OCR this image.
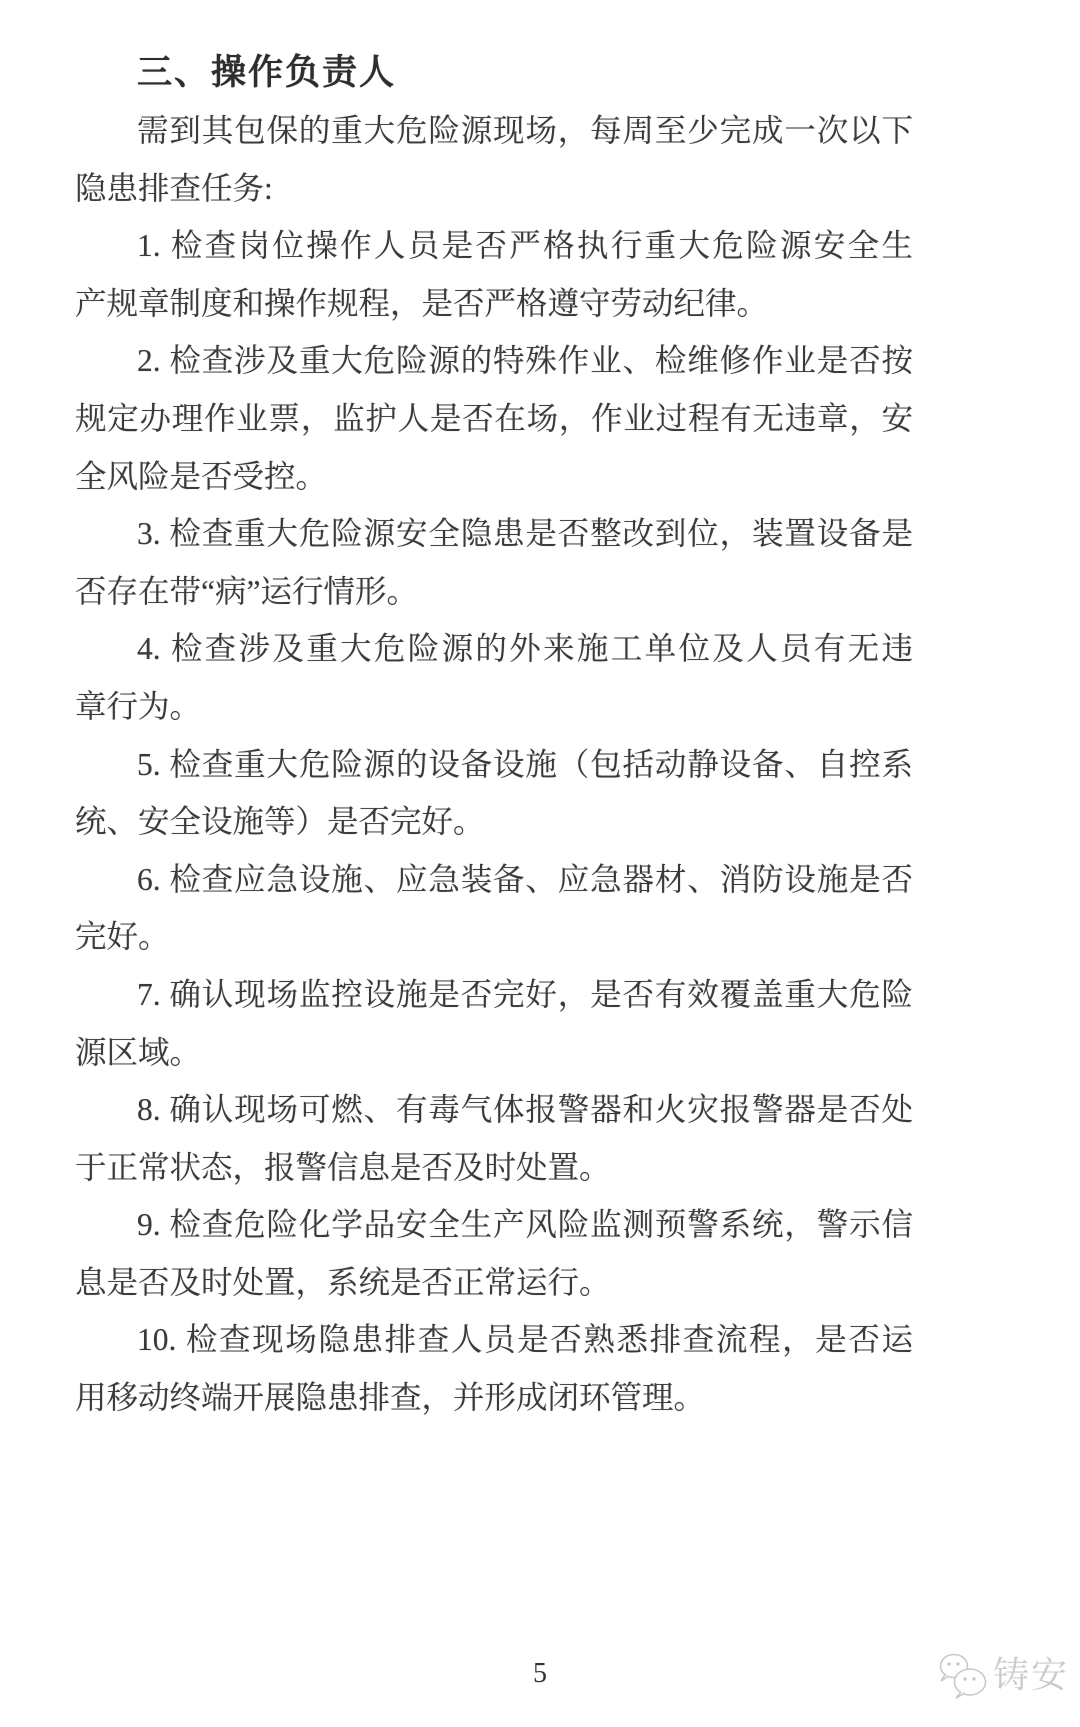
三、操作负责人
需到其包保的重大危险源现场，每周至少完成一次以下
隐患排查任务:
1. 检查岗位操作人员是否严格执行重大危险源安全生
产规章制度和操作规程，是否严格遵守劳动纪律。
2. 检查涉及重大危险源的特殊作业、检维修作业是否按
规定办理作业票，监护人是否在场，作业过程有无违章，安
全风险是否受控。
3. 检查重大危险源安全隐患是否整改到位，装置设备是
否存在带“病”运行情形。
4. 检查涉及重大危险源的外来施工单位及人员有无违
章行为。
5. 检查重大危险源的设备设施（包括动静设备、自控系
统、安全设施等）是否完好。
6. 检查应急设施、应急装备、应急器材、消防设施是否
完好。
7. 确认现场监控设施是否完好，是否有效覆盖重大危险
源区域。
8. 确认现场可燃、有毒气体报警器和火灾报警器是否处
于正常状态，报警信息是否及时处置。
9. 检查危险化学品安全生产风险监测预警系统，警示信
息是否及时处置，系统是否正常运行。
10. 检查现场隐患排查人员是否熟悉排查流程，是否运
用移动终端开展隐患排查，并形成闭环管理。
5	铸安
